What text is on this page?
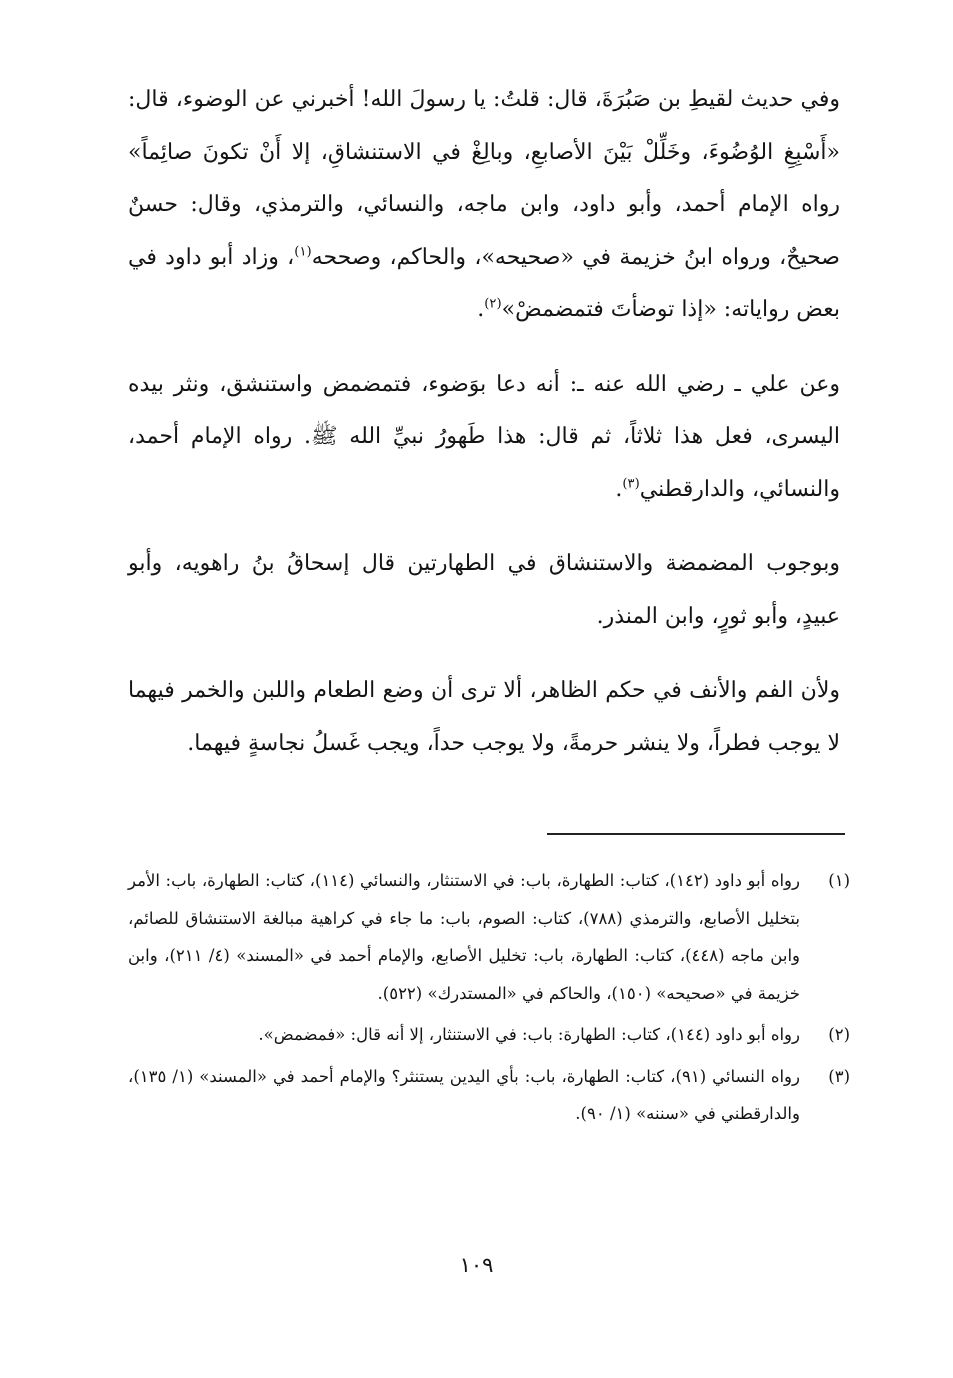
وفي حديث لقيطِ بن صَبُرَةَ، قال: قلتُ: يا رسولَ الله! أخبرني عن الوضوء، قال: «أَسْبِغِ الوُضُوءَ، وخَلِّلْ بَيْنَ الأصابعِ، وبالِغْ في الاستنشاقِ، إلا أَنْ تكونَ صائِماً» رواه الإمام أحمد، وأبو داود، وابن ماجه، والنسائي، والترمذي، وقال: حسنٌ صحيحٌ، ورواه ابنُ خزيمة في «صحيحه»، والحاكم، وصححه$^{(١)}$، وزاد أبو داود في بعض رواياته: «إذا توضأتَ فتمضمضْ»$^{(٢)}$.

وعن علي ـ رضي الله عنه ـ: أنه دعا بوَضوء، فتمضمض واستنشق، ونثر بيده اليسرى، فعل هذا ثلاثاً، ثم قال: هذا طَهورُ نبيِّ الله ﷺ. رواه الإمام أحمد، والنسائي، والدارقطني$^{(٣)}$.

وبوجوب المضمضة والاستنشاق في الطهارتين قال إسحاقُ بنُ راهويه، وأبو عبيدٍ، وأبو ثورٍ، وابن المنذر.

ولأن الفم والأنف في حكم الظاهر، ألا ترى أن وضع الطعام واللبن والخمر فيهما لا يوجب فطراً، ولا ينشر حرمةً، ولا يوجب حداً، ويجب غَسلُ نجاسةٍ فيهما.

(١)
رواه أبو داود (١٤٢)، كتاب: الطهارة، باب: في الاستنثار، والنسائي (١١٤)، كتاب: الطهارة، باب: الأمر بتخليل الأصابع، والترمذي (٧٨٨)، كتاب: الصوم، باب: ما جاء في كراهية مبالغة الاستنشاق للصائم، وابن ماجه (٤٤٨)، كتاب: الطهارة، باب: تخليل الأصابع، والإمام أحمد في «المسند» (٤/ ٢١١)، وابن خزيمة في «صحيحه» (١٥٠)، والحاكم في «المستدرك» (٥٢٢).
(٢)
رواه أبو داود (١٤٤)، كتاب: الطهارة: باب: في الاستنثار، إلا أنه قال: «فمضمض».
(٣)
رواه النسائي (٩١)، كتاب: الطهارة، باب: بأي اليدين يستنثر؟ والإمام أحمد في «المسند» (١/ ١٣٥)، والدارقطني في «سننه» (١/ ٩٠).
١٠٩
